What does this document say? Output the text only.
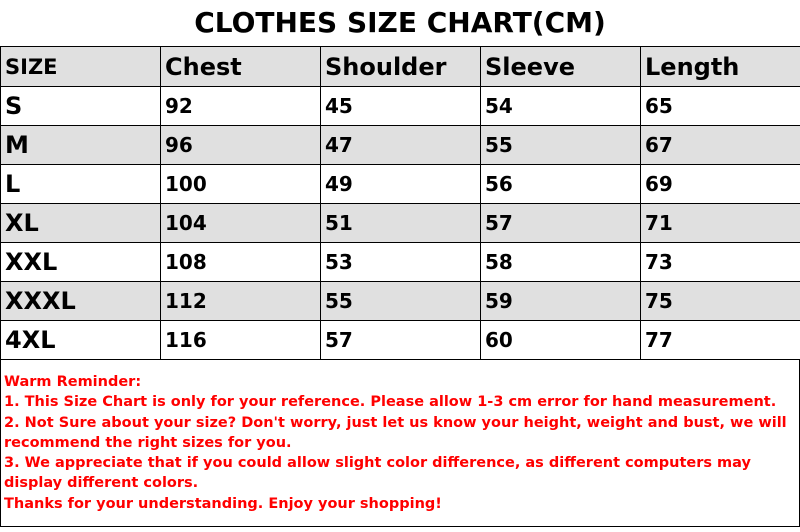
CLOTHES SIZE CHART(CM)
SIZE	Chest	Shoulder	Sleeve	Length
S	92	45	54	65
M	96	47	55	67
L	100	49	56	69
XL	104	51	57	71
XXL	108	53	58	73
XXXL	112	55	59	75
4XL	116	57	60	77

Warm Reminder:

1. This Size Chart is only for your reference. Please allow 1-3 cm error for hand measurement.

2. Not Sure about your size? Don't worry, just let us know your height, weight and bust, we will recommend the right sizes for you.

3. We appreciate that if you could allow slight color difference, as different computers may display different colors.

Thanks for your understanding. Enjoy your shopping!
